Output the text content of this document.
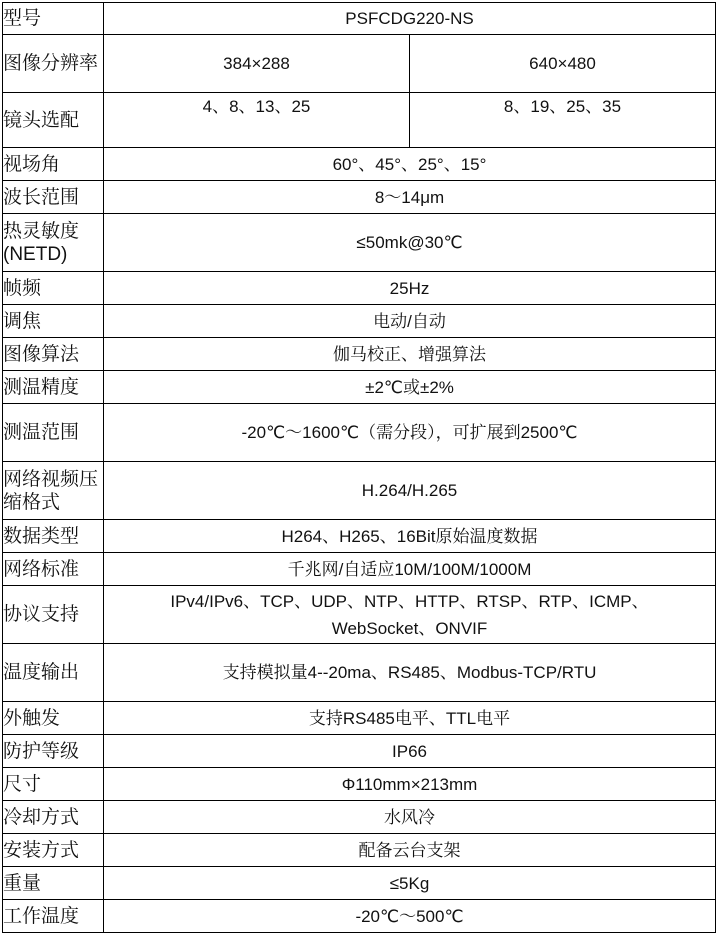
型号	PSFCDG220-NS	
图像分辨率	384×288	640×480
镜头选配	4、8、13、25	8、19、25、35
视场角	60°、45°、25°、15°	
波长范围	8～14μm	
热灵敏度(NETD)	≤50mk@30℃	
帧频	25Hz	
调焦	电动/自动	
图像算法	伽马校正、增强算法	
测温精度	±2℃或±2%	
测温范围	-20℃～1600℃（需分段），可扩展到2500℃	
网络视频压缩格式	H.264/H.265	
数据类型	H264、H265、16Bit原始温度数据	
网络标准	千兆网/自适应10M/100M/1000M	
协议支持	IPv4/IPv6、TCP、UDP、NTP、HTTP、RTSP、RTP、ICMP、WebSocket、ONVIF	
温度输出	支持模拟量4--20ma、RS485、Modbus-TCP/RTU	
外触发	支持RS485电平、TTL电平	
防护等级	IP66	
尺寸	Φ110mm×213mm	
冷却方式	水风冷	
安装方式	配备云台支架	
重量	≤5Kg	
工作温度	-20℃～500℃	
